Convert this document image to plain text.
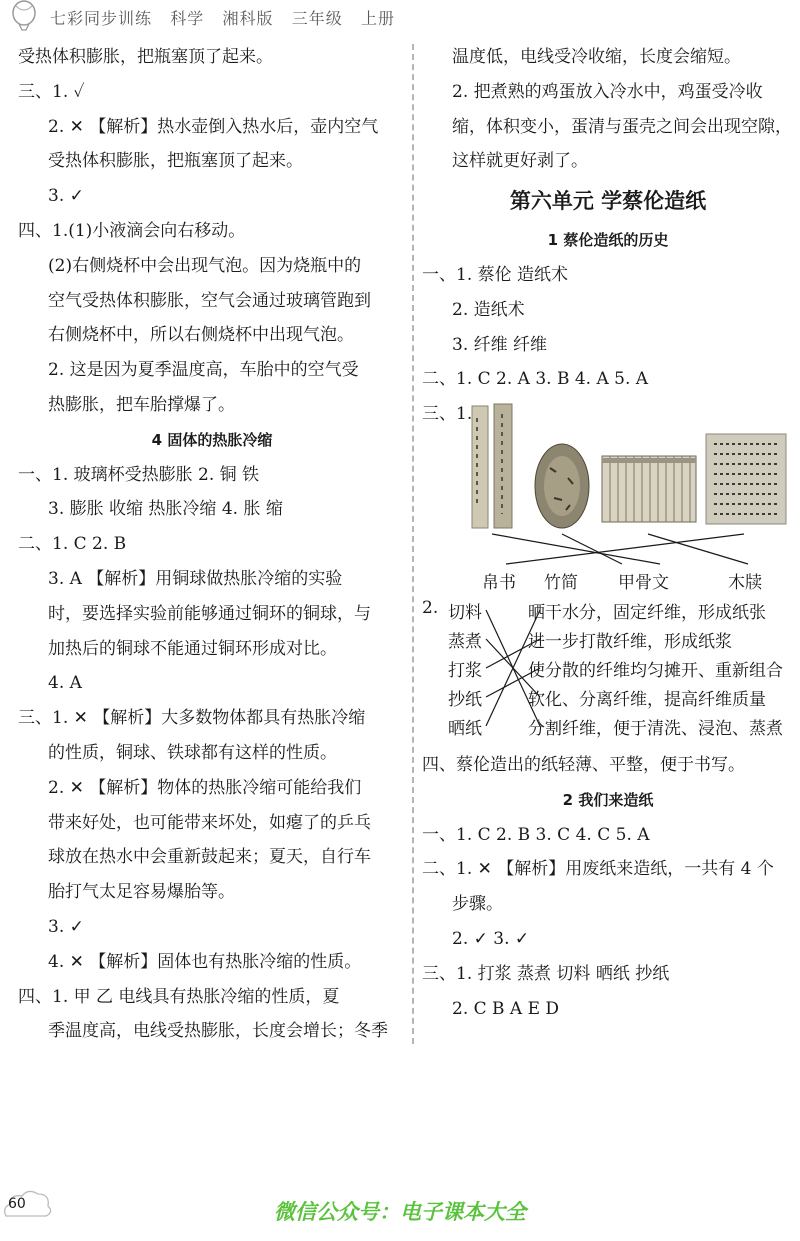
七彩同步训练   科学   湘科版   三年级   上册
受热体积膨胀，把瓶塞顶了起来。
三、1. ✓
2. ✕ 【解析】热水壶倒入热水后，壶内空气
受热体积膨胀，把瓶塞顶了起来。
3. ✓
四、1.(1)小液滴会向右移动。
(2)右侧烧杯中会出现气泡。因为烧瓶中的
空气受热体积膨胀，空气会通过玻璃管跑到
右侧烧杯中，所以右侧烧杯中出现气泡。
2. 这是因为夏季温度高，车胎中的空气受
热膨胀，把车胎撑爆了。
4 固体的热胀冷缩
一、1. 玻璃杯受热膨胀 2. 铜 铁
3. 膨胀 收缩 热胀冷缩 4. 胀 缩
二、1. C 2. B
3. A 【解析】用铜球做热胀冷缩的实验
时，要选择实验前能够通过铜环的铜球，与
加热后的铜球不能通过铜环形成对比。
4. A
三、1. ✕ 【解析】大多数物体都具有热胀冷缩
的性质，铜球、铁球都有这样的性质。
2. ✕ 【解析】物体的热胀冷缩可能给我们
带来好处，也可能带来坏处，如瘪了的乒乓
球放在热水中会重新鼓起来；夏天，自行车
胎打气太足容易爆胎等。
3. ✓
4. ✕ 【解析】固体也有热胀冷缩的性质。
四、1. 甲 乙 电线具有热胀冷缩的性质，夏
季温度高，电线受热膨胀，长度会增长；冬季
温度低，电线受冷收缩，长度会缩短。
2. 把煮熟的鸡蛋放入冷水中，鸡蛋受冷收
缩，体积变小，蛋清与蛋壳之间会出现空隙，
这样就更好剥了。
第六单元 学蔡伦造纸
1 蔡伦造纸的历史
一、1. 蔡伦 造纸术
2. 造纸术
3. 纤维 纤维
二、1. C 2. A 3. B 4. A 5. A
三、1.
帛书 竹简 甲骨文	木牍
2. 切料
蒸煮
打浆
抄纸
晒纸
晒干水分，固定纤维，形成纸张
进一步打散纤维，形成纸浆
使分散的纤维均匀摊开、重新组合
软化、分离纤维，提高纤维质量
分割纤维，便于清洗、浸泡、蒸煮
四、蔡伦造出的纸轻薄、平整，便于书写。
2 我们来造纸
一、1. C 2. B 3. C 4. C 5. A
二、1. ✕ 【解析】用废纸来造纸，一共有 4 个
步骤。
2. ✓ 3. ✓
三、1. 打浆 蒸煮 切料 晒纸 抄纸
2. C B A E D
60	微信公众号：电子课本大全
